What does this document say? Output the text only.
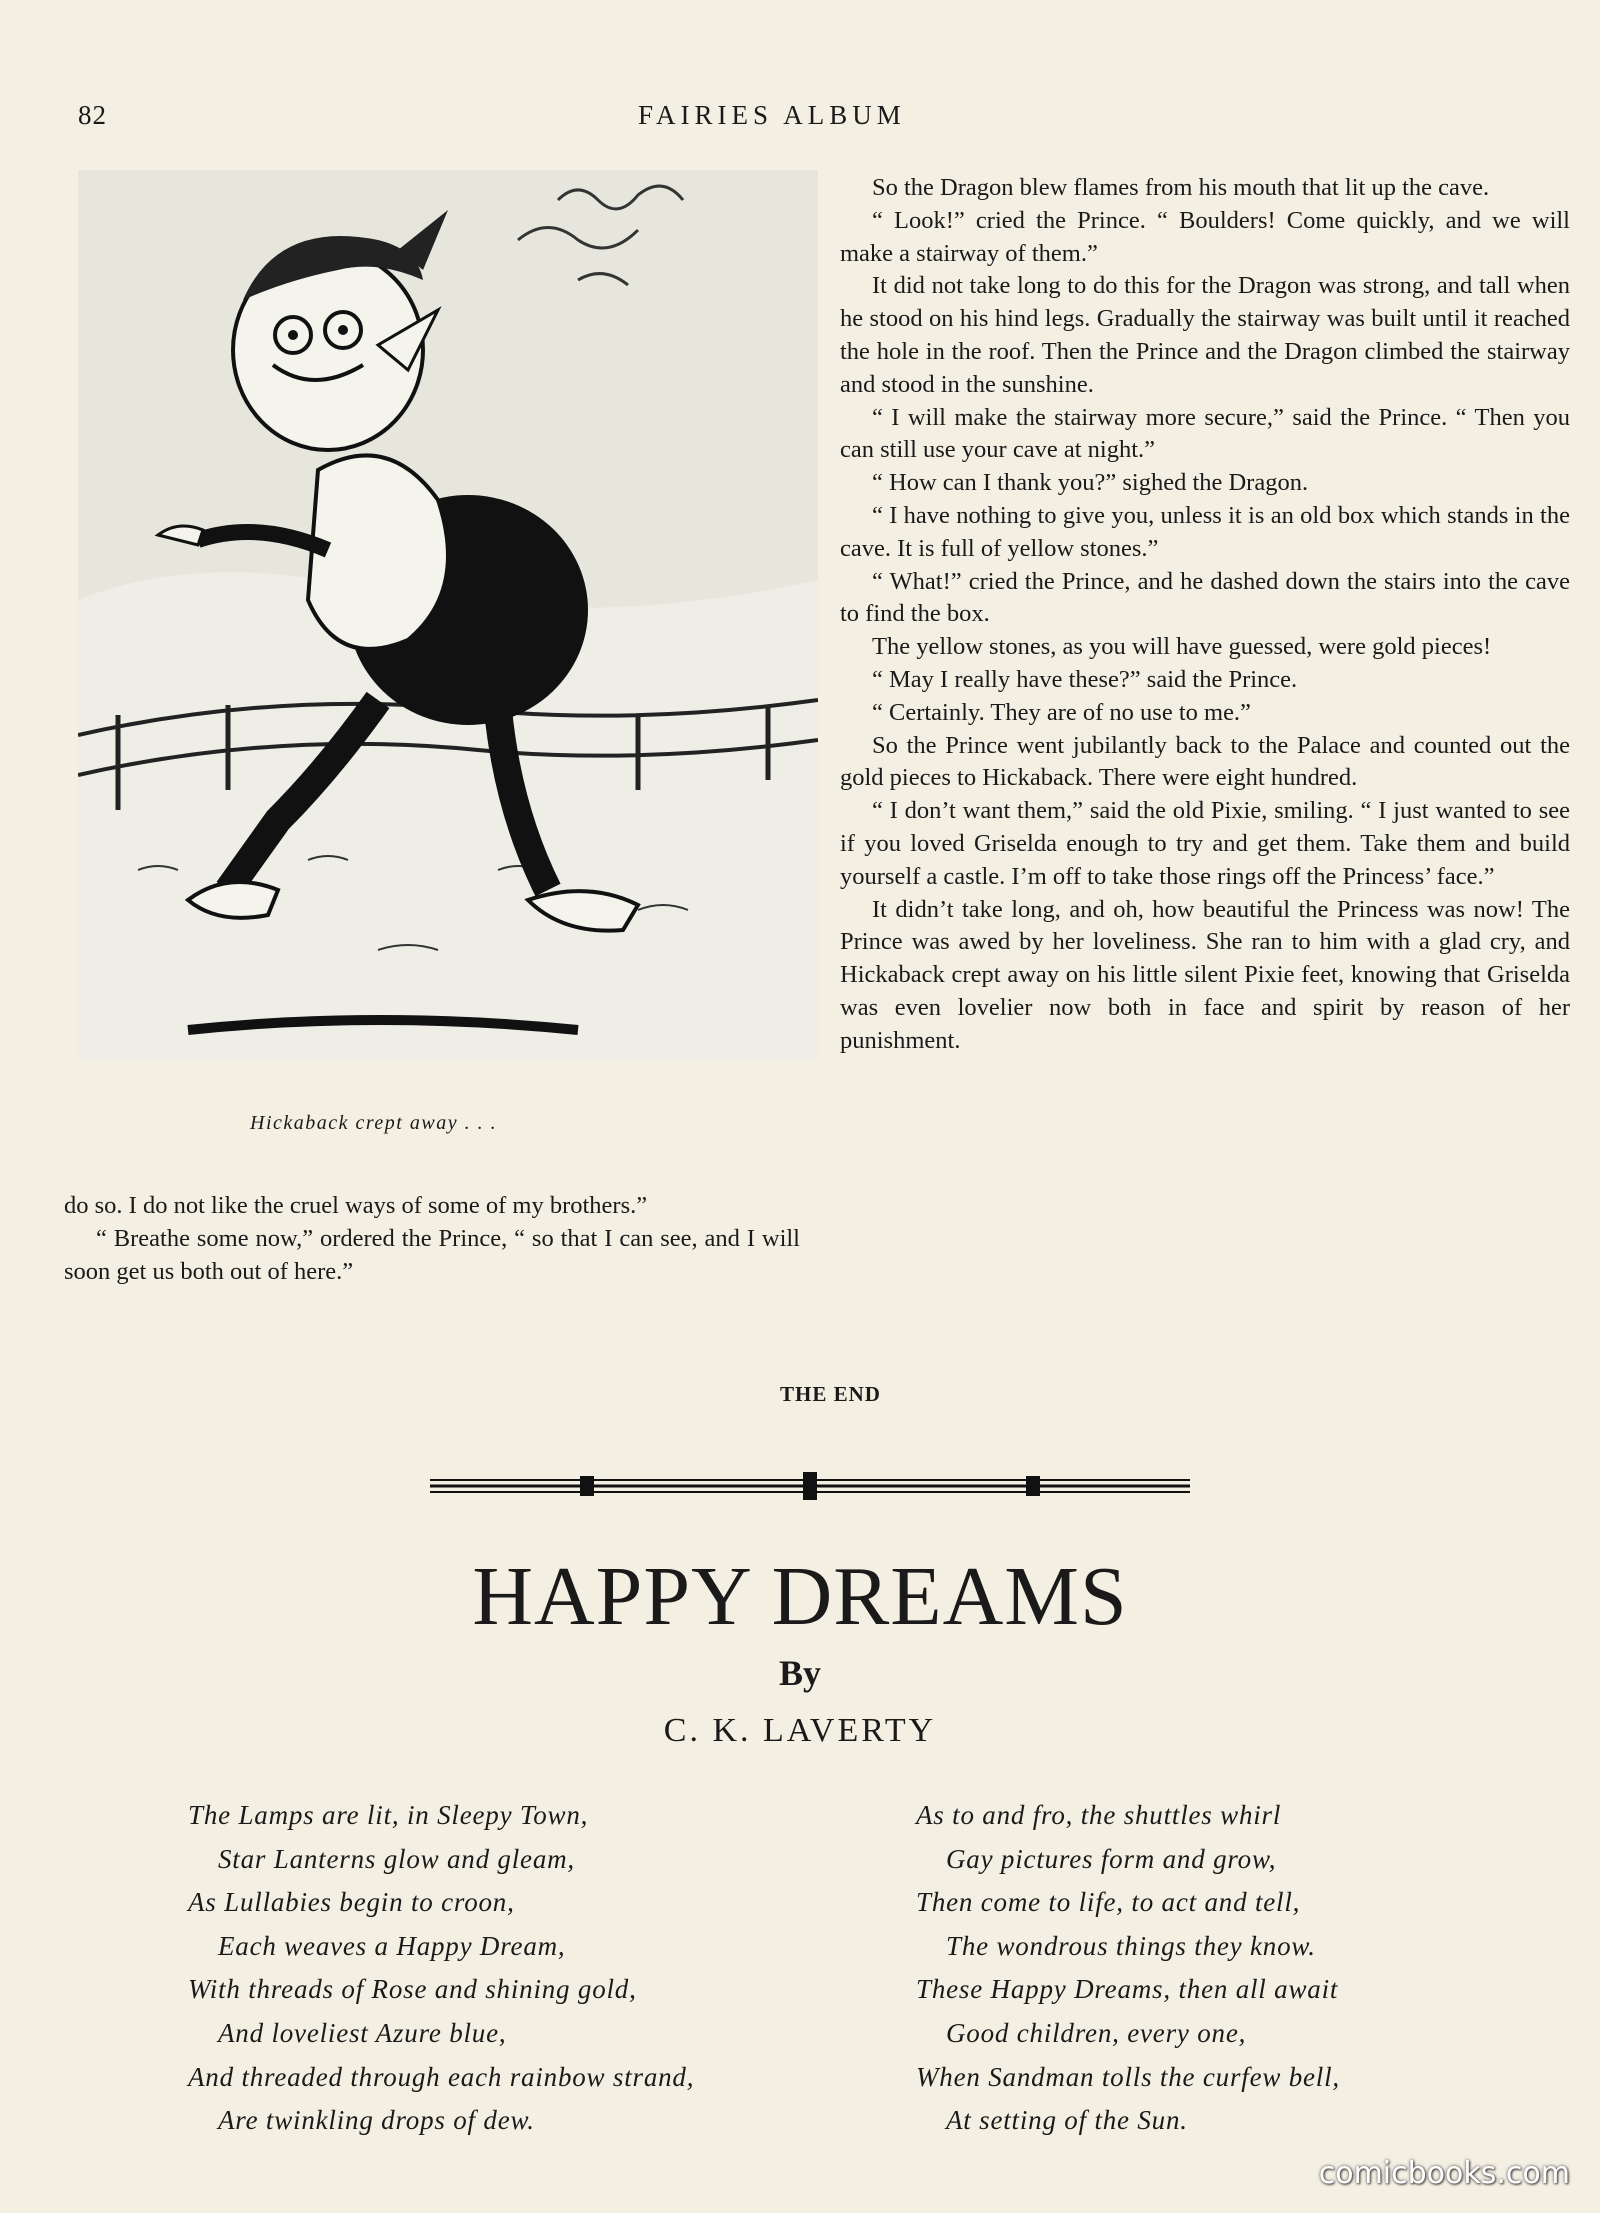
82	FAIRIES ALBUM
Hickaback crept away . . .

So the Dragon blew flames from his mouth that lit up the cave.

“ Look!” cried the Prince. “ Boulders! Come quickly, and we will make a stairway of them.”

It did not take long to do this for the Dragon was strong, and tall when he stood on his hind legs. Gradually the stairway was built until it reached the hole in the roof. Then the Prince and the Dragon climbed the stairway and stood in the sunshine.

“ I will make the stairway more secure,” said the Prince. “ Then you can still use your cave at night.”

“ How can I thank you?” sighed the Dragon.

“ I have nothing to give you, unless it is an old box which stands in the cave. It is full of yellow stones.”

“ What!” cried the Prince, and he dashed down the stairs into the cave to find the box.

The yellow stones, as you will have guessed, were gold pieces!

“ May I really have these?” said the Prince.

“ Certainly. They are of no use to me.”

So the Prince went jubilantly back to the Palace and counted out the gold pieces to Hickaback. There were eight hundred.

“ I don’t want them,” said the old Pixie, smiling. “ I just wanted to see if you loved Griselda enough to try and get them. Take them and build yourself a castle. I’m off to take those rings off the Princess’ face.”

It didn’t take long, and oh, how beautiful the Princess was now! The Prince was awed by her loveliness. She ran to him with a glad cry, and Hickaback crept away on his little silent Pixie feet, knowing that Griselda was even lovelier now both in face and spirit by reason of her punishment.

do so. I do not like the cruel ways of some of my brothers.”

“ Breathe some now,” ordered the Prince, “ so that I can see, and I will soon get us both out of here.”

THE END
HAPPY DREAMS
By
C. K. LAVERTY
The Lamps are lit, in Sleepy Town,
Star Lanterns glow and gleam,
As Lullabies begin to croon,
Each weaves a Happy Dream,
With threads of Rose and shining gold,
And loveliest Azure blue,
And threaded through each rainbow strand,
Are twinkling drops of dew.
As to and fro, the shuttles whirl
Gay pictures form and grow,
Then come to life, to act and tell,
The wondrous things they know.
These Happy Dreams, then all await
Good children, every one,
When Sandman tolls the curfew bell,
At setting of the Sun.
comicbooks.com
